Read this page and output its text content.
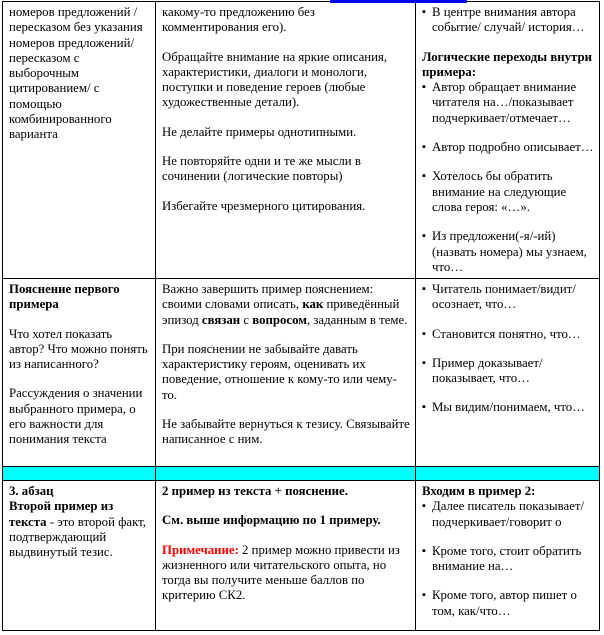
номеров предложений / пересказом без указания номеров предложений/ пересказом с выборочным цитированием/ с помощью комбинированного варианта

какому-то предложению без комментирования его).

Обращайте внимание на яркие описания, характеристики, диалоги и монологи, поступки и поведение героев (любые художественные детали).

Не делайте примеры однотипными.

Не повторяйте одни и те же мысли в сочинении (логические повторы)

Избегайте чрезмерного цитирования.

▪ В центре внимания автора событие/ случай/ история…

Логические переходы внутри примера:

▪ Автор обращает внимание читателя на…/показывает подчеркивает/отмечает…
▪ Автор подробно описывает…
▪ Хотелось бы обратить внимание на следующие слова героя: «…».
▪ Из предложени(-я/-ий) (назвать номера) мы узнаем, что…

Пояснение первого примера

Что хотел показать автор? Что можно понять из написанного?

Рассуждения о значении выбранного примера, о его важности для понимания текста

Важно завершить пример пояснением: своими словами описать, как приведённый эпизод связан с вопросом, заданным в теме.

При пояснении не забывайте давать характеристику героям, оценивать их поведение, отношение к кому-то или чему-то.

Не забывайте вернуться к тезису. Связывайте написанное с ним.

▪ Читатель понимает/видит/осознает, что…
▪ Становится понятно, что…
▪ Пример доказывает/показывает, что…
▪ Мы видим/понимаем, что…

3. абзац

Второй пример из текста - это второй факт, подтверждающий выдвинутый тезис.

2 пример из текста + пояснение.

См. выше информацию по 1 примеру.

Примечание: 2 пример можно привести из жизненного или читательского опыта, но тогда вы получите меньше баллов по критерию СК2.

Входим в пример 2:

▪ Далее писатель показывает/ подчеркивает/говорит о
▪ Кроме того, стоит обратить внимание на…
▪ Кроме того, автор пишет о том, как/что…
